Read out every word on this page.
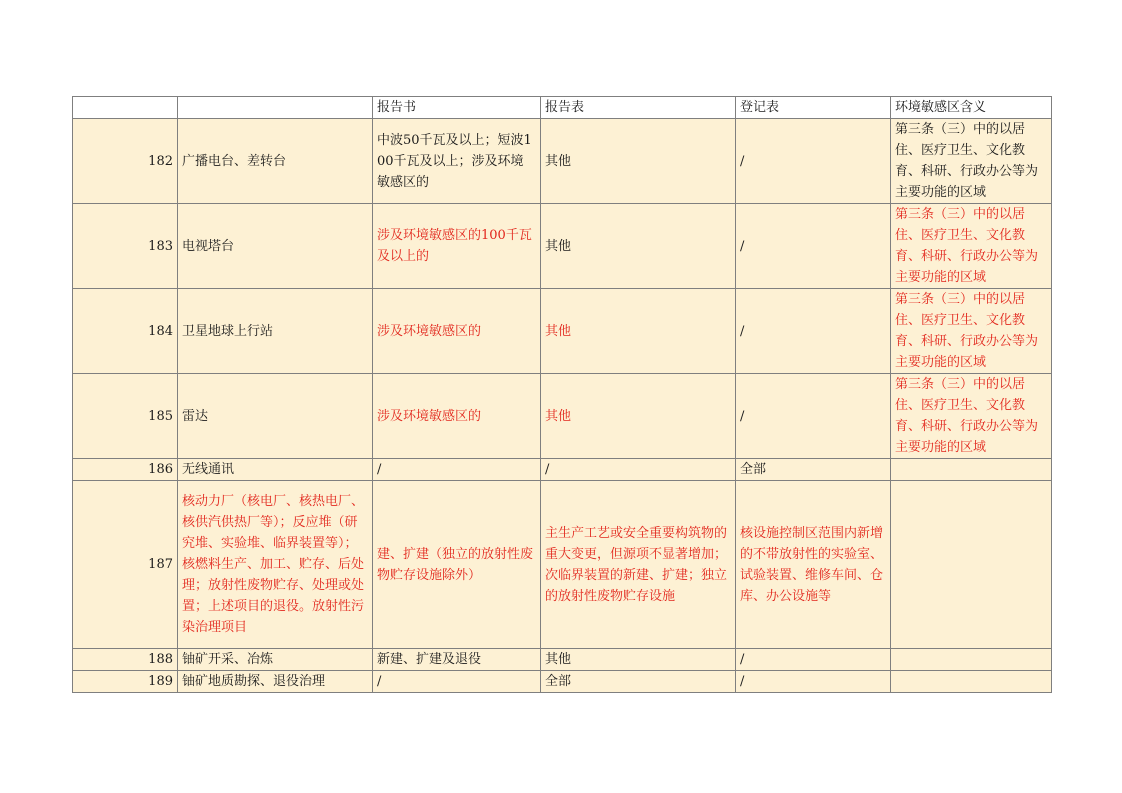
		报告书	报告表	登记表	环境敏感区含义
182	广播电台、差转台	中波50千瓦及以上；短波100千瓦及以上；涉及环境敏感区的	其他	/	第三条（三）中的以居住、医疗卫生、文化教育、科研、行政办公等为主要功能的区域
183	电视塔台	涉及环境敏感区的100千瓦及以上的	其他	/	第三条（三）中的以居住、医疗卫生、文化教育、科研、行政办公等为主要功能的区域
184	卫星地球上行站	涉及环境敏感区的	其他	/	第三条（三）中的以居住、医疗卫生、文化教育、科研、行政办公等为主要功能的区域
185	雷达	涉及环境敏感区的	其他	/	第三条（三）中的以居住、医疗卫生、文化教育、科研、行政办公等为主要功能的区域
186	无线通讯	/	/	全部	
187	核动力厂（核电厂、核热电厂、核供汽供热厂等）；反应堆（研究堆、实验堆、临界装置等）；核燃料生产、加工、贮存、后处理；放射性废物贮存、处理或处置；上述项目的退役。放射性污染治理项目	建、扩建（独立的放射性废物贮存设施除外）	主生产工艺或安全重要构筑物的重大变更，但源项不显著增加；次临界装置的新建、扩建；独立的放射性废物贮存设施	核设施控制区范围内新增的不带放射性的实验室、试验装置、维修车间、仓库、办公设施等	
188	铀矿开采、冶炼	新建、扩建及退役	其他	/	
189	铀矿地质勘探、退役治理	/	全部	/	
